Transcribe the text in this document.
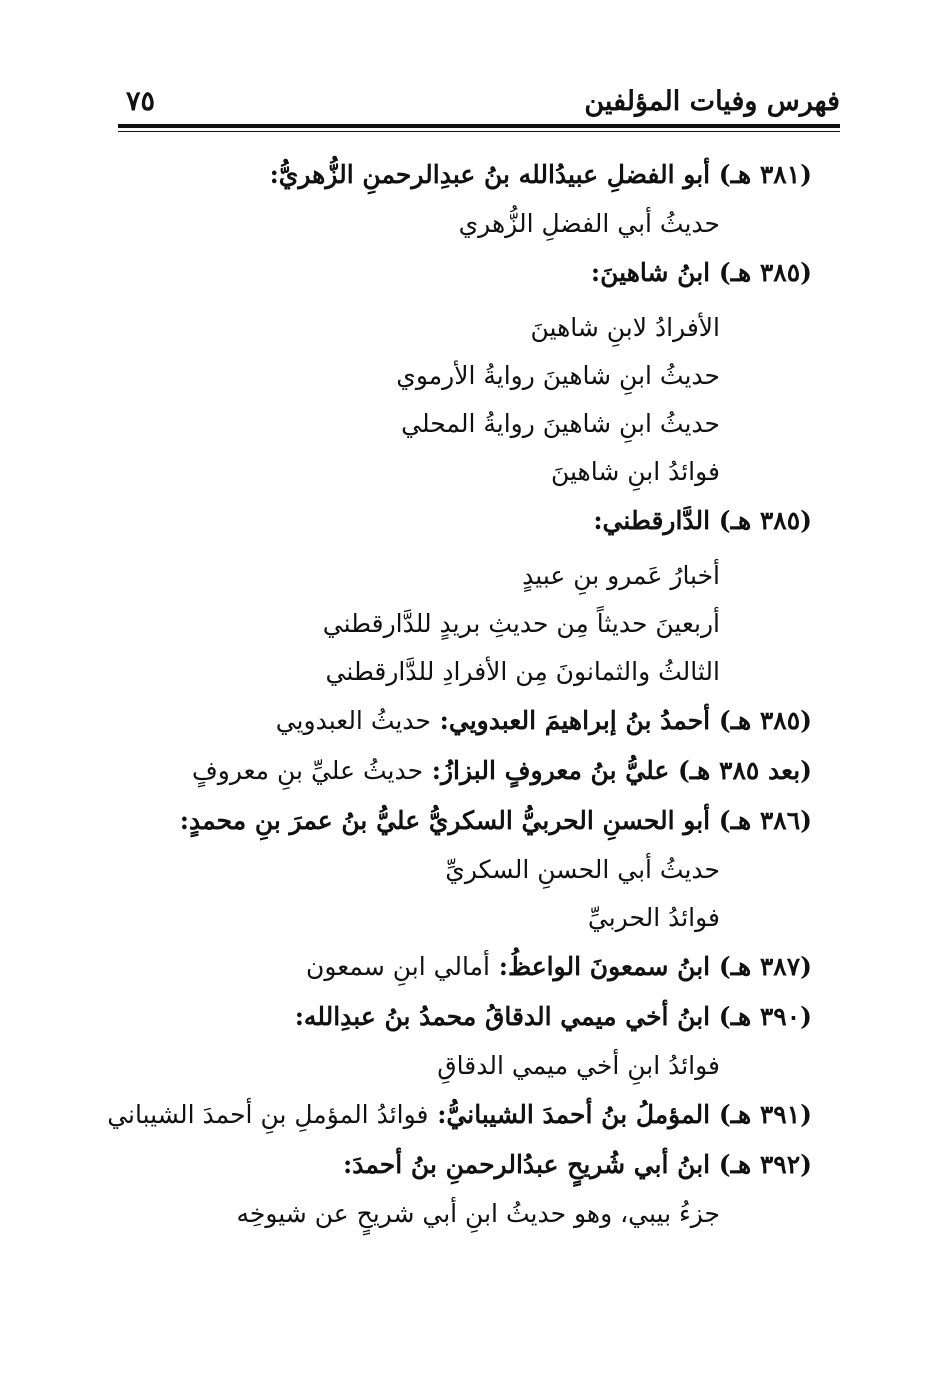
فهرس وفيات المؤلفين
٧٥
(٣٨١ هـ) أبو الفضلِ عبيدُالله بنُ عبدِالرحمنِ الزُّهريُّ:
حديثُ أبي الفضلِ الزُّهري
(٣٨٥ هـ) ابنُ شاهينَ:
الأفرادُ لابنِ شاهينَ
حديثُ ابنِ شاهينَ روايةُ الأرموي
حديثُ ابنِ شاهينَ روايةُ المحلي
فوائدُ ابنِ شاهينَ
(٣٨٥ هـ) الدَّارقطني:
أخبارُ عَمرو بنِ عبيدٍ
أربعينَ حديثاً مِن حديثِ بريدٍ للدَّارقطني
الثالثُ والثمانونَ مِن الأفرادِ للدَّارقطني
(٣٨٥ هـ) أحمدُ بنُ إبراهيمَ العبدويي: حديثُ العبدويي
(بعد ٣٨٥ هـ) عليُّ بنُ معروفٍ البزازُ: حديثُ عليِّ بنِ معروفٍ
(٣٨٦ هـ) أبو الحسنِ الحربيُّ السكريُّ عليُّ بنُ عمرَ بنِ محمدٍ:
حديثُ أبي الحسنِ السكريِّ
فوائدُ الحربيِّ
(٣٨٧ هـ) ابنُ سمعونَ الواعظُ: أمالي ابنِ سمعون
(٣٩٠ هـ) ابنُ أخي ميمي الدقاقُ محمدُ بنُ عبدِالله:
فوائدُ ابنِ أخي ميمي الدقاقِ
(٣٩١ هـ) المؤملُ بنُ أحمدَ الشيبانيُّ: فوائدُ المؤملِ بنِ أحمدَ الشيباني
(٣٩٢ هـ) ابنُ أبي شُريحٍ عبدُالرحمنِ بنُ أحمدَ:
جزءُ بيبي، وهو حديثُ ابنِ أبي شريحٍ عن شيوخِه
